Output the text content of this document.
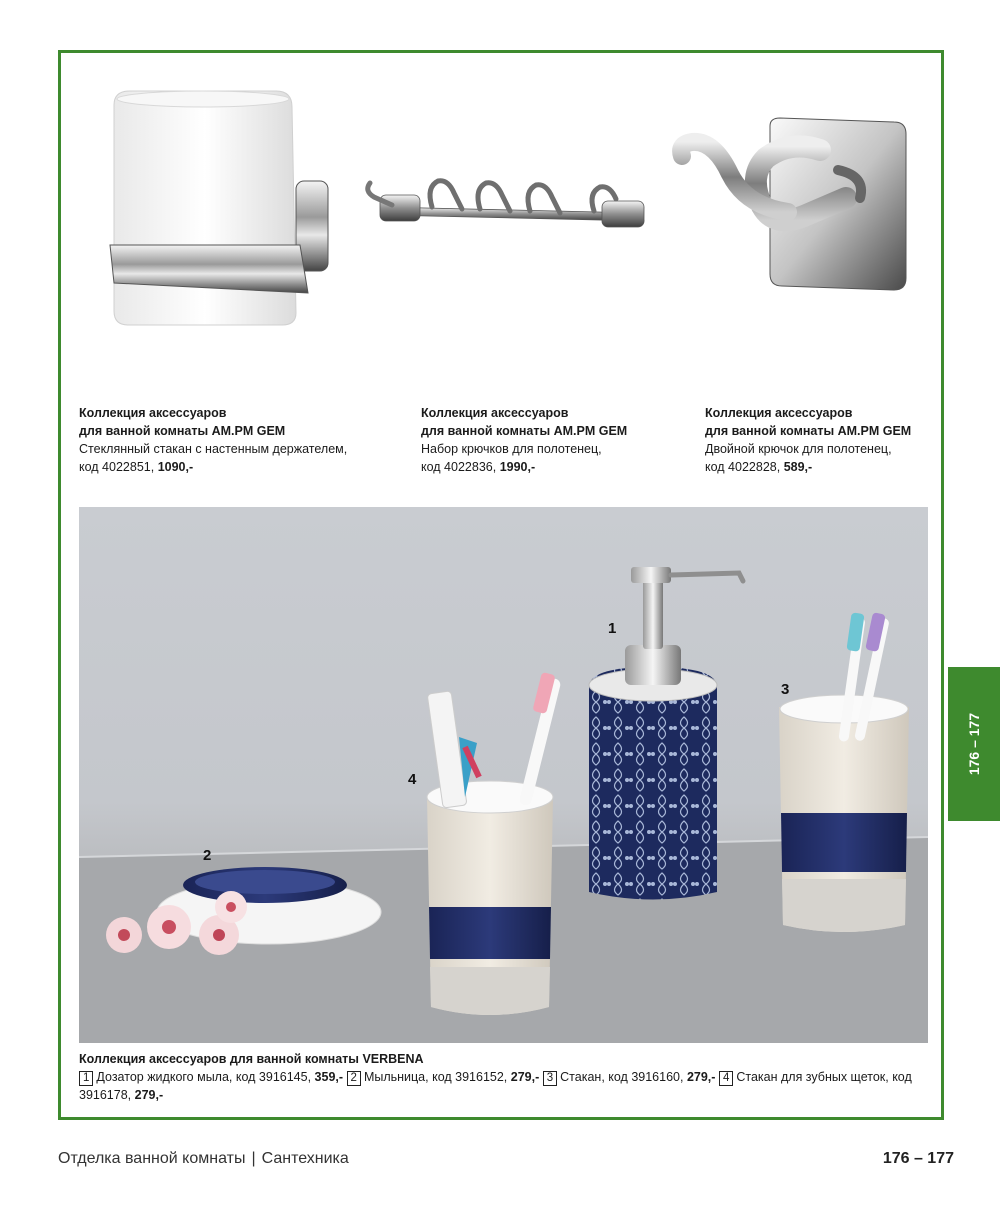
Коллекция аксессуаров
для ванной комнаты AM.PM GEM
Стеклянный стакан с настенным держателем,
код 4022851, 1090,-
Коллекция аксессуаров
для ванной комнаты AM.PM GEM
Набор крючков для полотенец,
код 4022836, 1990,-
Коллекция аксессуаров
для ванной комнаты AM.PM GEM
Двойной крючок для полотенец,
код 4022828, 589,-
1
2
3
4
Коллекция аксессуаров для ванной комнаты VERBENA
1 Дозатор жидкого мыла, код 3916145, 359,- 2 Мыльница, код 3916152, 279,- 3 Стакан, код 3916160, 279,- 4 Стакан для зубных щеток, код 3916178, 279,-
176 – 177
Отделка ванной комнаты | Сантехника	176 – 177
